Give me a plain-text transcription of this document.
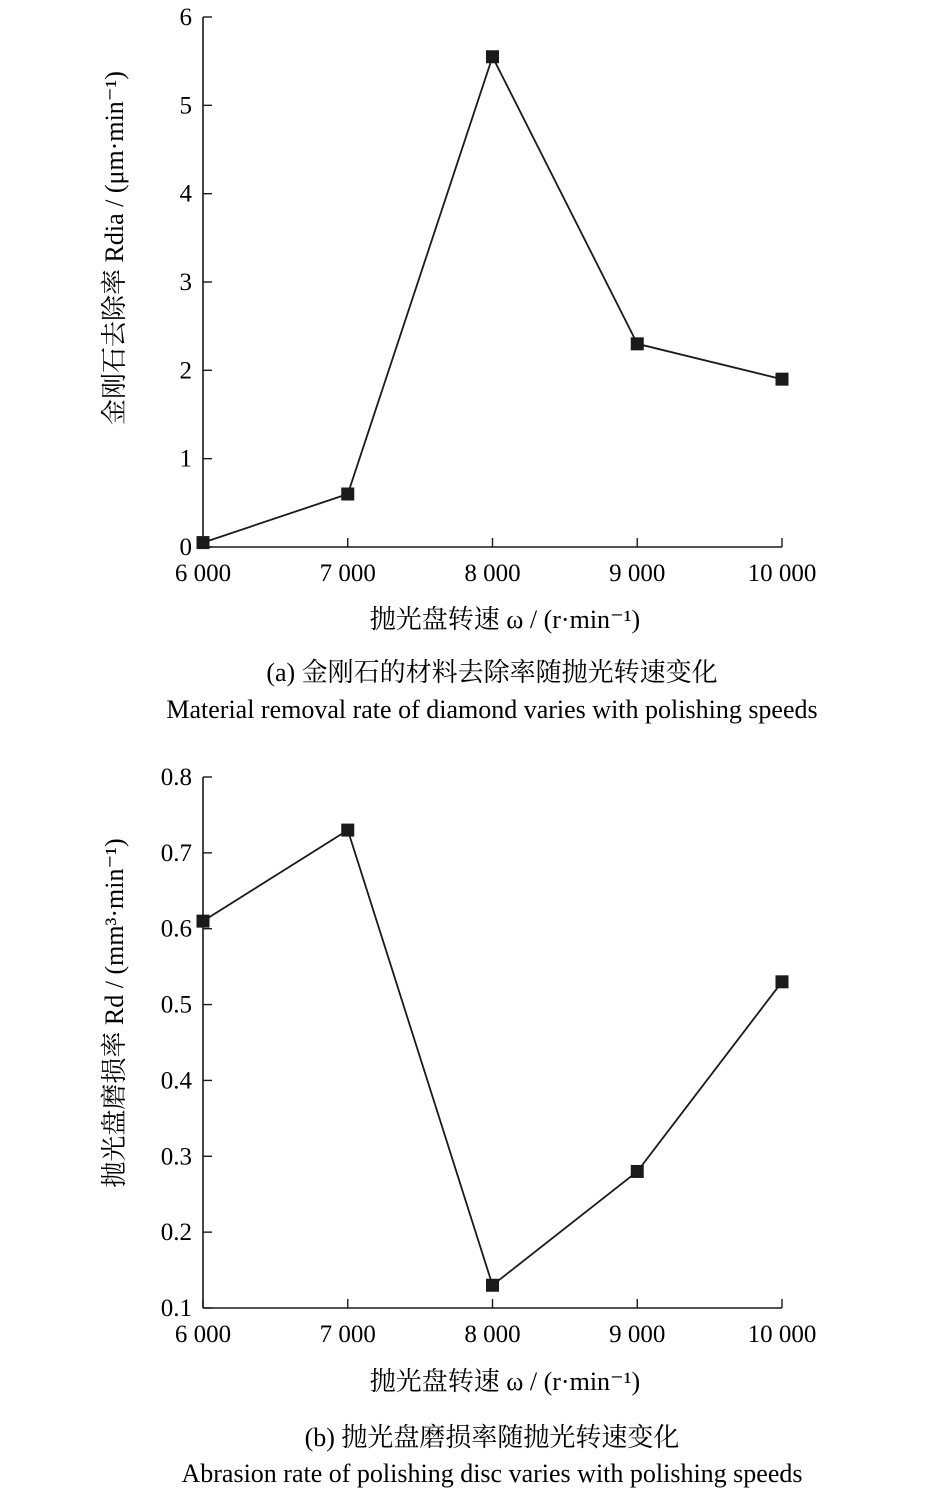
0
1
2
3
4
5
6
6 000	7 000	8 000	9 000	10 000
金刚石去除率 Rdia / (μm·min⁻¹)
抛光盘转速 ω / (r·min⁻¹)
(a) 金刚石的材料去除率随抛光转速变化
Material removal rate of diamond varies with polishing speeds
0.1
0.2
0.3
0.4
0.5
0.6
0.7
0.8
6 000	7 000	8 000	9 000	10 000
抛光盘磨损率 Rd / (mm³·min⁻¹)
抛光盘转速 ω / (r·min⁻¹)
(b) 抛光盘磨损率随抛光转速变化
Abrasion rate of polishing disc varies with polishing speeds
